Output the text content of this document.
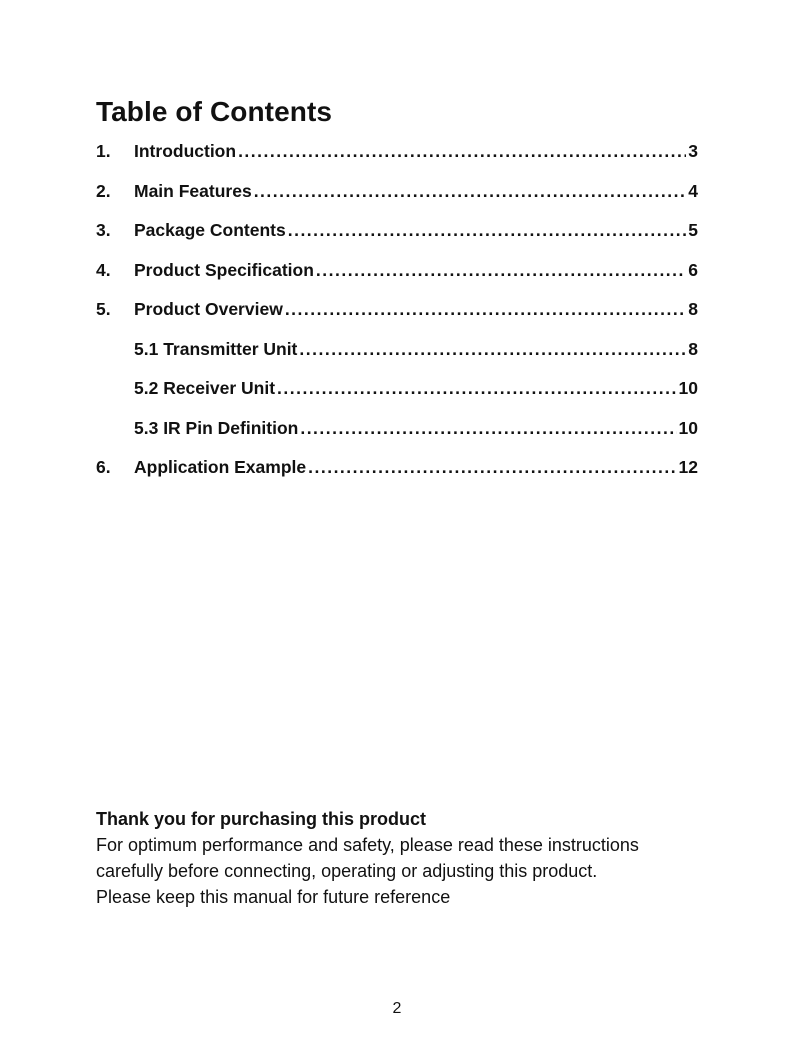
Table of Contents
1.	Introduction .....	3
2.	Main Features .....	4
3.	Package Contents .....	5
4.	Product Specification .....	6
5.	Product Overview .....	8
5.1 Transmitter Unit .....	8
5.2 Receiver Unit .....	10
5.3 IR Pin Definition .....	10
6.	Application Example .....	12
Thank you for purchasing this product
For optimum performance and safety, please read these instructions
carefully before connecting, operating or adjusting this product.
Please keep this manual for future reference
2
